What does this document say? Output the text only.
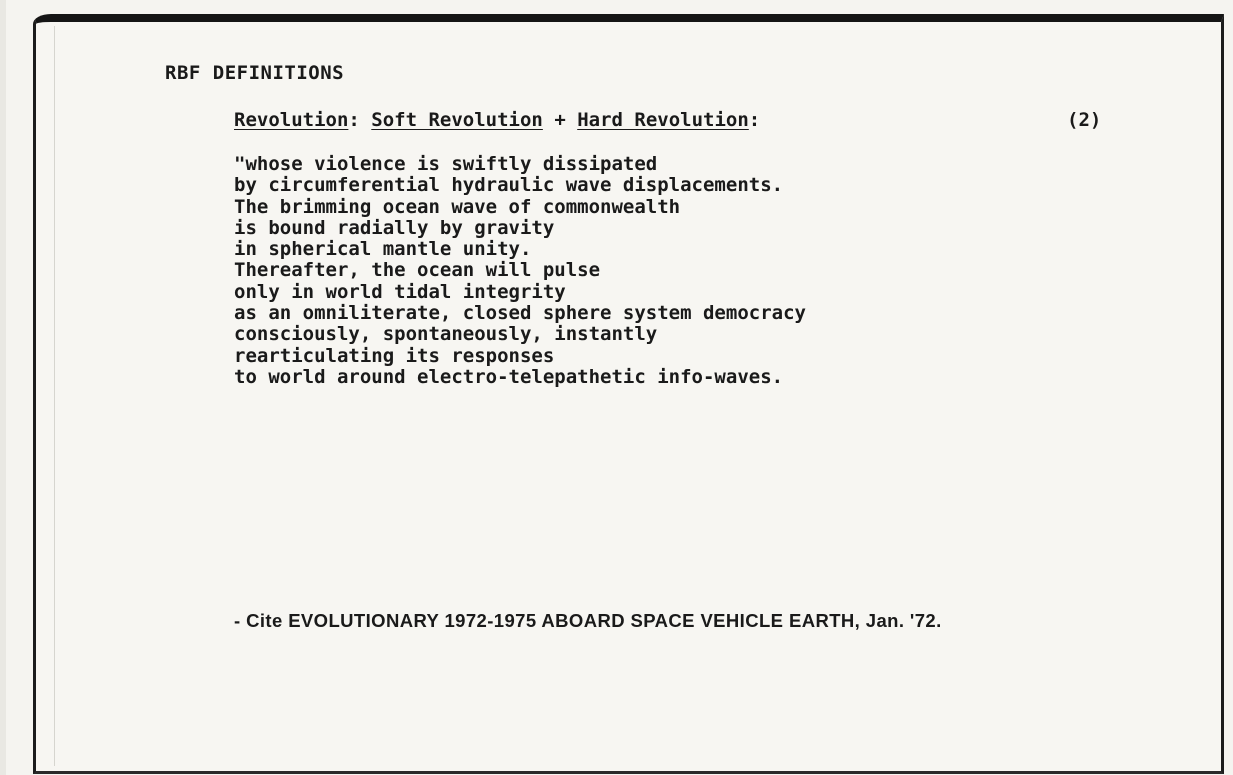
RBF DEFINITIONS
Revolution: Soft Revolution + Hard Revolution:	(2)
"whose violence is swiftly dissipated
by circumferential hydraulic wave displacements.
The brimming ocean wave of commonwealth
is bound radially by gravity
in spherical mantle unity.
Thereafter, the ocean will pulse
only in world tidal integrity
as an omniliterate, closed sphere system democracy
consciously, spontaneously, instantly
rearticulating its responses
to world around electro-telepathetic info-waves.
- Cite EVOLUTIONARY 1972-1975 ABOARD SPACE VEHICLE EARTH, Jan. '72.
